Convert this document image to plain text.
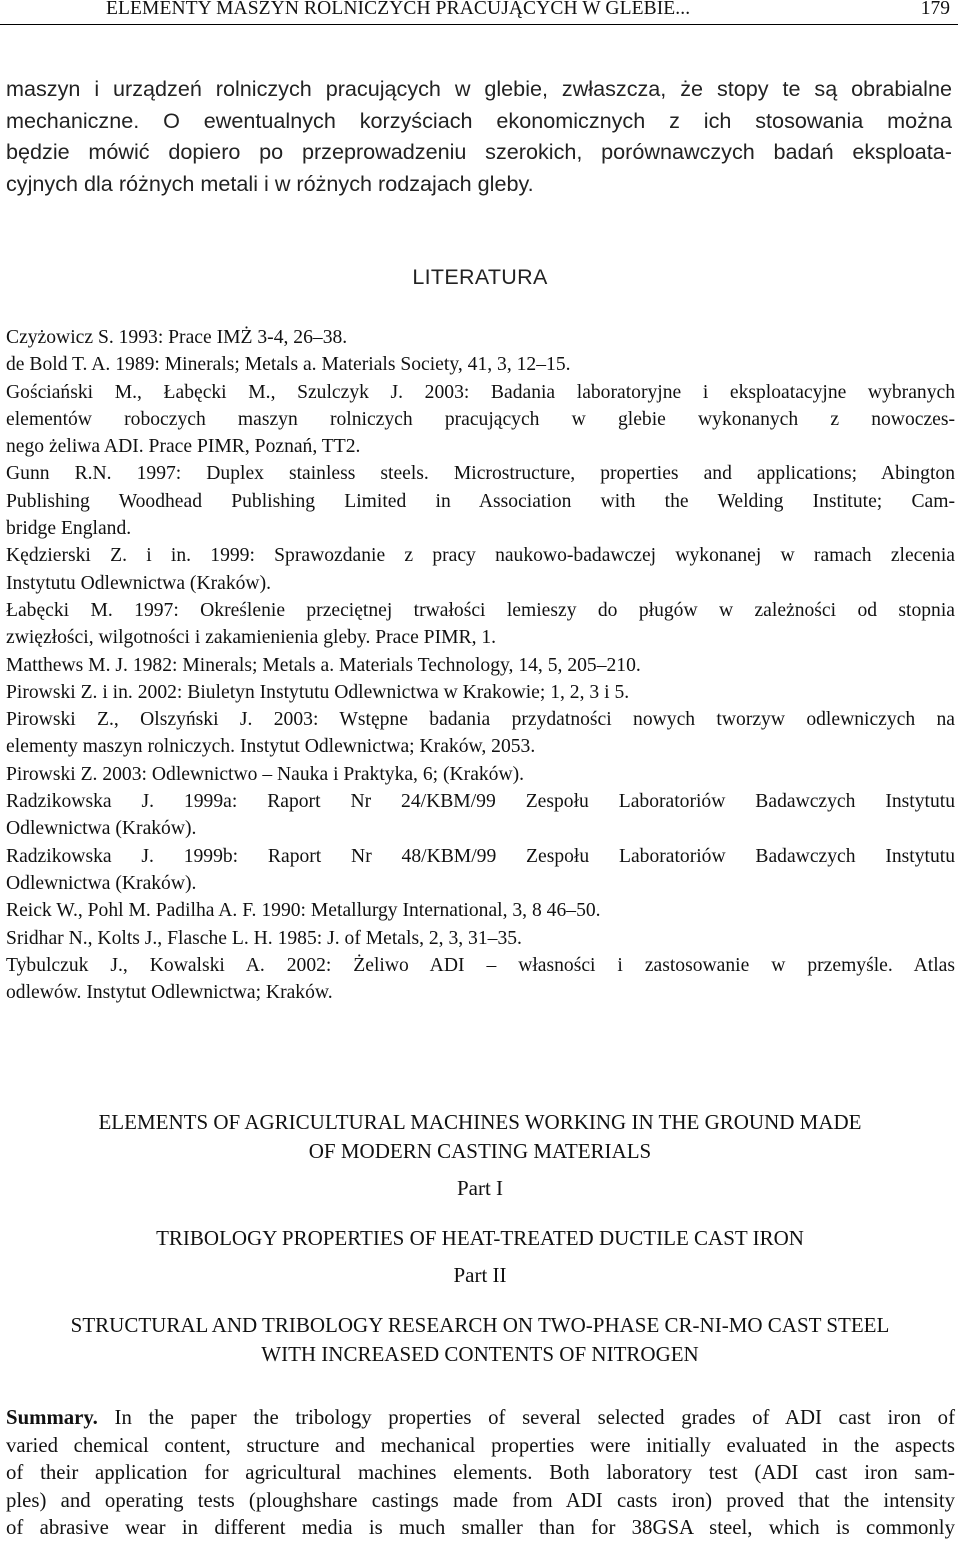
ELEMENTY MASZYN ROLNICZYCH PRACUJĄCYCH W GLEBIE...	179
maszyn i urządzeń rolniczych pracujących w glebie, zwłaszcza, że stopy te są obrabialne
mechaniczne. O ewentualnych korzyściach ekonomicznych z ich stosowania można
będzie mówić dopiero po przeprowadzeniu szerokich, porównawczych badań eksploata-
cyjnych dla różnych metali i w różnych rodzajach gleby.
LITERATURA
Czyżowicz S. 1993: Prace IMŻ 3-4, 26–38.
de Bold T. A. 1989: Minerals; Metals a. Materials Society, 41, 3, 12–15.
Gościański M., Łabęcki M., Szulczyk J. 2003: Badania laboratoryjne i eksploatacyjne wybranych
elementów roboczych maszyn rolniczych pracujących w glebie wykonanych z nowoczes-
nego żeliwa ADI. Prace PIMR, Poznań, TT2.
Gunn R.N. 1997: Duplex stainless steels. Microstructure, properties and applications; Abington
Publishing Woodhead Publishing Limited in Association with the Welding Institute; Cam-
bridge England.
Kędzierski Z. i in. 1999: Sprawozdanie z pracy naukowo-badawczej wykonanej w ramach zlecenia
Instytutu Odlewnictwa (Kraków).
Łabęcki M. 1997: Określenie przeciętnej trwałości lemieszy do pługów w zależności od stopnia
zwięzłości, wilgotności i zakamienienia gleby. Prace PIMR, 1.
Matthews M. J. 1982: Minerals; Metals a. Materials Technology, 14, 5, 205–210.
Pirowski Z. i in. 2002: Biuletyn Instytutu Odlewnictwa w Krakowie; 1, 2, 3 i 5.
Pirowski Z., Olszyński J. 2003: Wstępne badania przydatności nowych tworzyw odlewniczych na
elementy maszyn rolniczych. Instytut Odlewnictwa; Kraków, 2053.
Pirowski Z. 2003: Odlewnictwo – Nauka i Praktyka, 6; (Kraków).
Radzikowska J. 1999a: Raport Nr 24/KBM/99 Zespołu Laboratoriów Badawczych Instytutu
Odlewnictwa (Kraków).
Radzikowska J. 1999b: Raport Nr 48/KBM/99 Zespołu Laboratoriów Badawczych Instytutu
Odlewnictwa (Kraków).
Reick W., Pohl M. Padilha A. F. 1990: Metallurgy International, 3, 8 46–50.
Sridhar N., Kolts J., Flasche L. H. 1985: J. of Metals, 2, 3, 31–35.
Tybulczuk J., Kowalski A. 2002: Żeliwo ADI – własności i zastosowanie w przemyśle. Atlas
odlewów. Instytut Odlewnictwa; Kraków.
ELEMENTS OF AGRICULTURAL MACHINES WORKING IN THE GROUND MADE
OF MODERN CASTING MATERIALS
Part I
TRIBOLOGY PROPERTIES OF HEAT-TREATED DUCTILE CAST IRON
Part II
STRUCTURAL AND TRIBOLOGY RESEARCH ON TWO-PHASE CR-NI-MO CAST STEEL
WITH INCREASED CONTENTS OF NITROGEN
Summary. In the paper the tribology properties of several selected grades of ADI cast iron of
varied chemical content, structure and mechanical properties were initially evaluated in the aspects
of their application for agricultural machines elements. Both laboratory test (ADI cast iron sam-
ples) and operating tests (ploughshare castings made from ADI casts iron) proved that the intensity
of abrasive wear in different media is much smaller than for 38GSA steel, which is commonly
